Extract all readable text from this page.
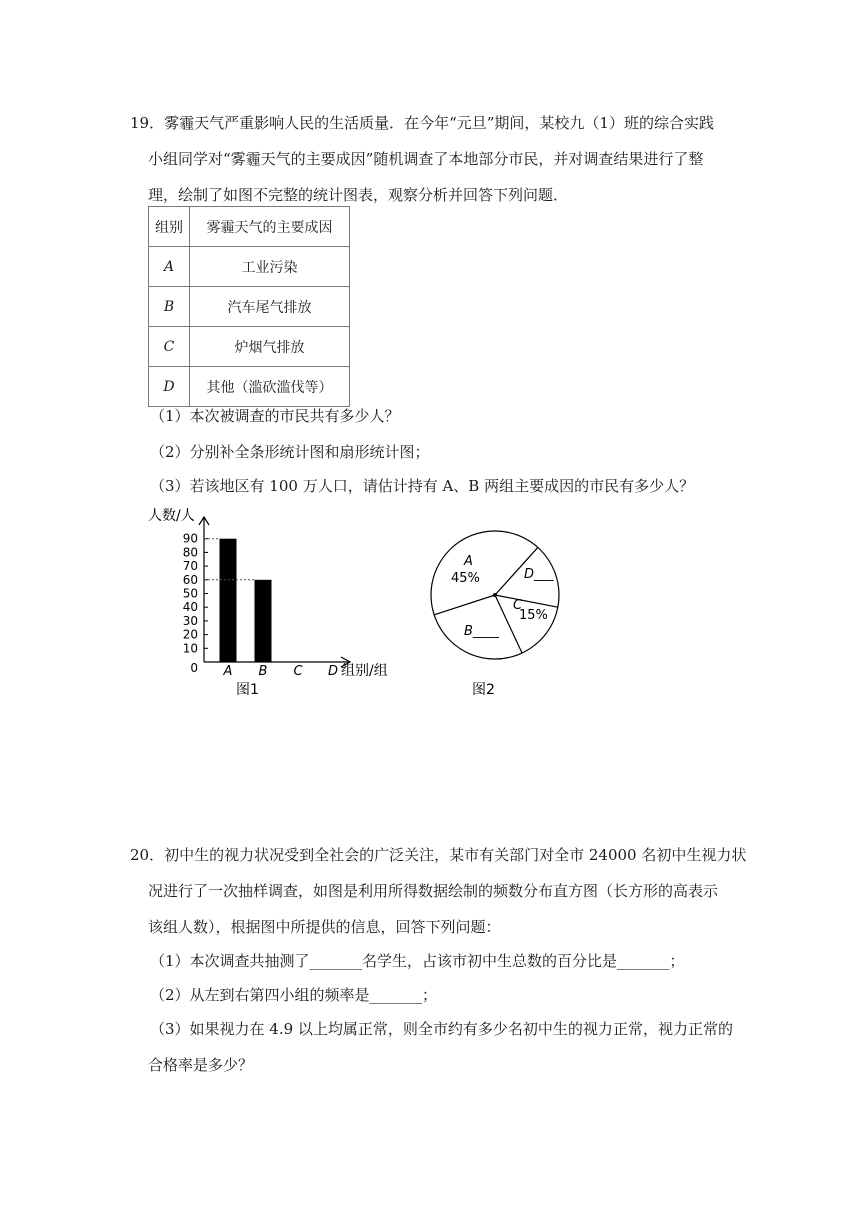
19．雾霾天气严重影响人民的生活质量．在今年“元旦”期间，某校九（1）班的综合实践
小组同学对“雾霾天气的主要成因”随机调查了本地部分市民，并对调查结果进行了整
理，绘制了如图不完整的统计图表，观察分析并回答下列问题．
组别	雾霾天气的主要成因
A	工业污染
B	汽车尾气排放
C	炉烟气排放
D	其他（滥砍滥伐等）
（1）本次被调查的市民共有多少人？
（2）分别补全条形统计图和扇形统计图；
（3）若该地区有 100 万人口，请估计持有 A、B 两组主要成因的市民有多少人？
人数/人
0
10
20
30
40
50
60
70
80
90
A B C D 组别/组
图1
A
45%	D___
C
15%
B____
图2
20．初中生的视力状况受到全社会的广泛关注，某市有关部门对全市 24000 名初中生视力状
况进行了一次抽样调查，如图是利用所得数据绘制的频数分布直方图（长方形的高表示
该组人数），根据图中所提供的信息，回答下列问题：
（1）本次调查共抽测了_______名学生，占该市初中生总数的百分比是_______；
（2）从左到右第四小组的频率是_______；
（3）如果视力在 4.9 以上均属正常，则全市约有多少名初中生的视力正常，视力正常的
合格率是多少？
